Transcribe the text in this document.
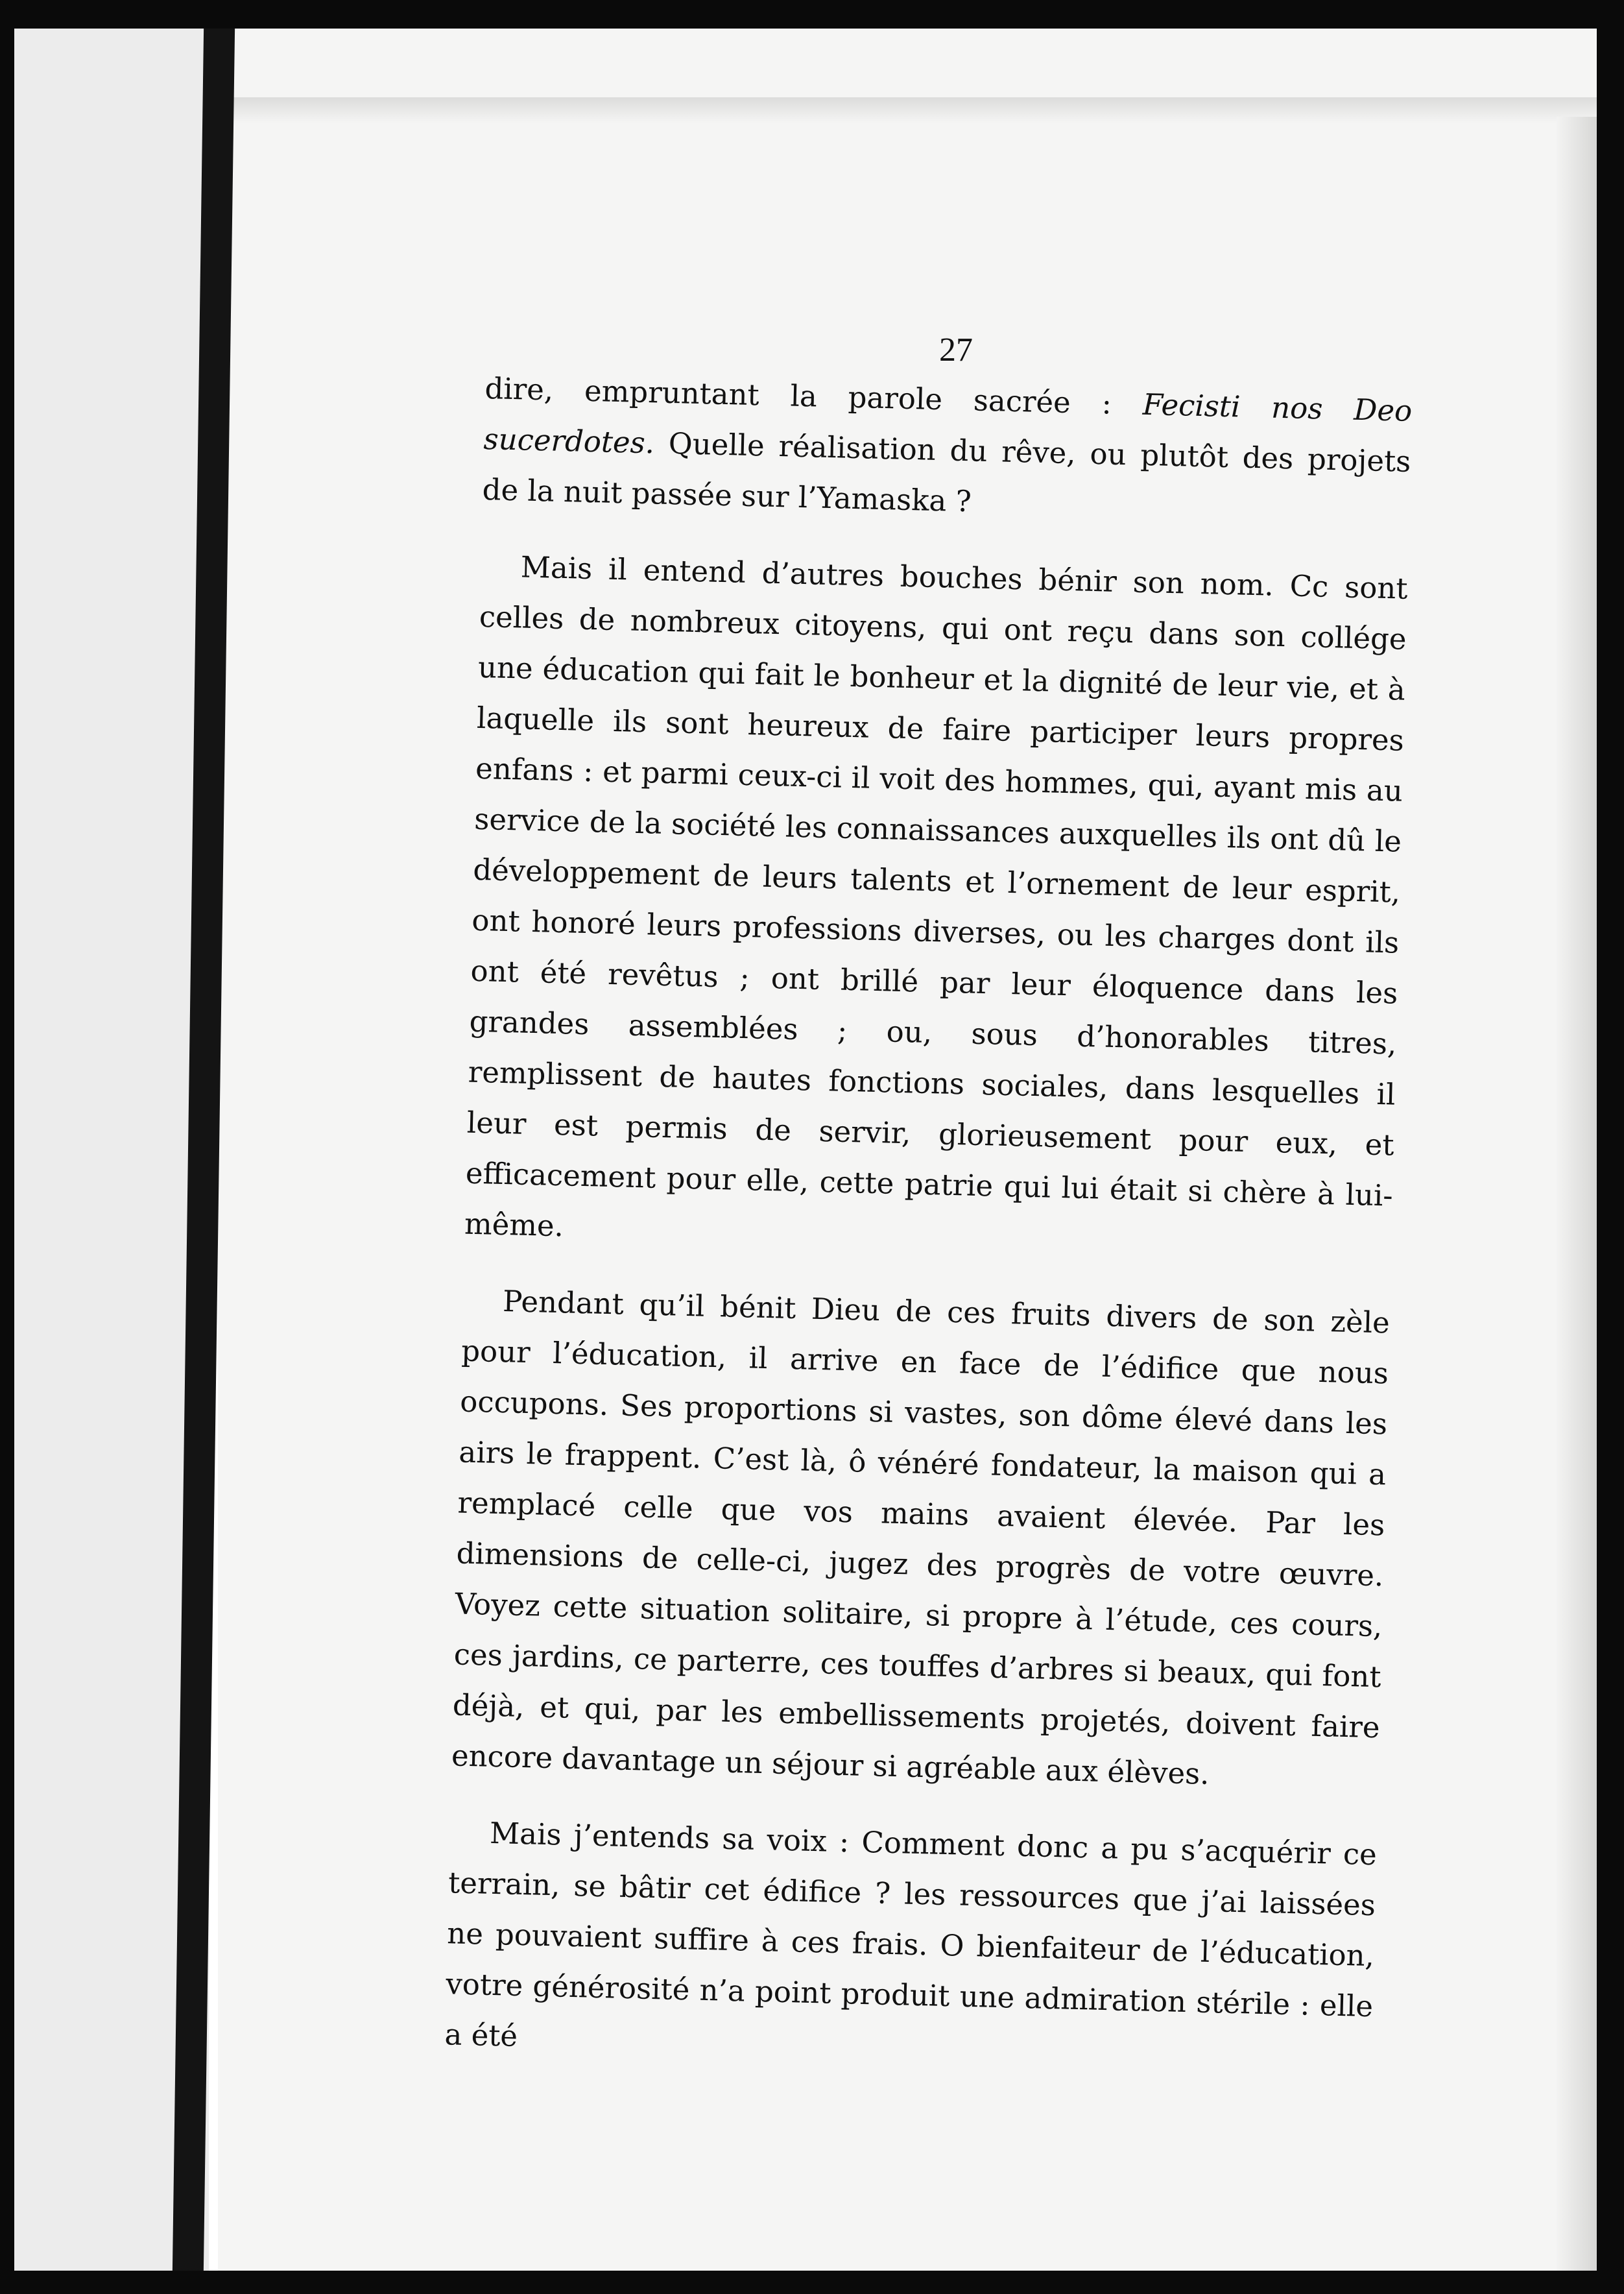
27

dire, empruntant la parole sacrée : Fecisti nos Deo sucerdotes. Quelle réalisation du rêve, ou plutôt des projets de la nuit passée sur l’Yamaska ?

Mais il entend d’autres bouches bénir son nom. Cc sont celles de nombreux citoyens, qui ont reçu dans son collége une éducation qui fait le bonheur et la dignité de leur vie, et à laquelle ils sont heureux de faire participer leurs propres enfans : et parmi ceux-ci il voit des hommes, qui, ayant mis au service de la société les connaissances auxquelles ils ont dû le développement de leurs talents et l’ornement de leur esprit, ont honoré leurs professions diverses, ou les charges dont ils ont été revêtus ; ont brillé par leur éloquence dans les grandes assemblées ; ou, sous d’honorables titres, remplissent de hautes fonctions sociales, dans lesquelles il leur est permis de servir, glorieusement pour eux, et efficacement pour elle, cette patrie qui lui était si chère à lui-même.

Pendant qu’il bénit Dieu de ces fruits divers de son zèle pour l’éducation, il arrive en face de l’édifice que nous occupons. Ses proportions si vastes, son dôme élevé dans les airs le frappent. C’est là, ô vénéré fondateur, la maison qui a remplacé celle que vos mains avaient élevée. Par les dimensions de celle-ci, jugez des progrès de votre œuvre. Voyez cette situation solitaire, si propre à l’étude, ces cours, ces jardins, ce parterre, ces touffes d’arbres si beaux, qui font déjà, et qui, par les embellissements projetés, doivent faire encore davantage un séjour si agréable aux élèves.

Mais j’entends sa voix : Comment donc a pu s’acquérir ce terrain, se bâtir cet édifice ? les ressources que j’ai laissées ne pouvaient suffire à ces frais. O bienfaiteur de l’éducation, votre générosité n’a point produit une admiration stérile : elle a été
